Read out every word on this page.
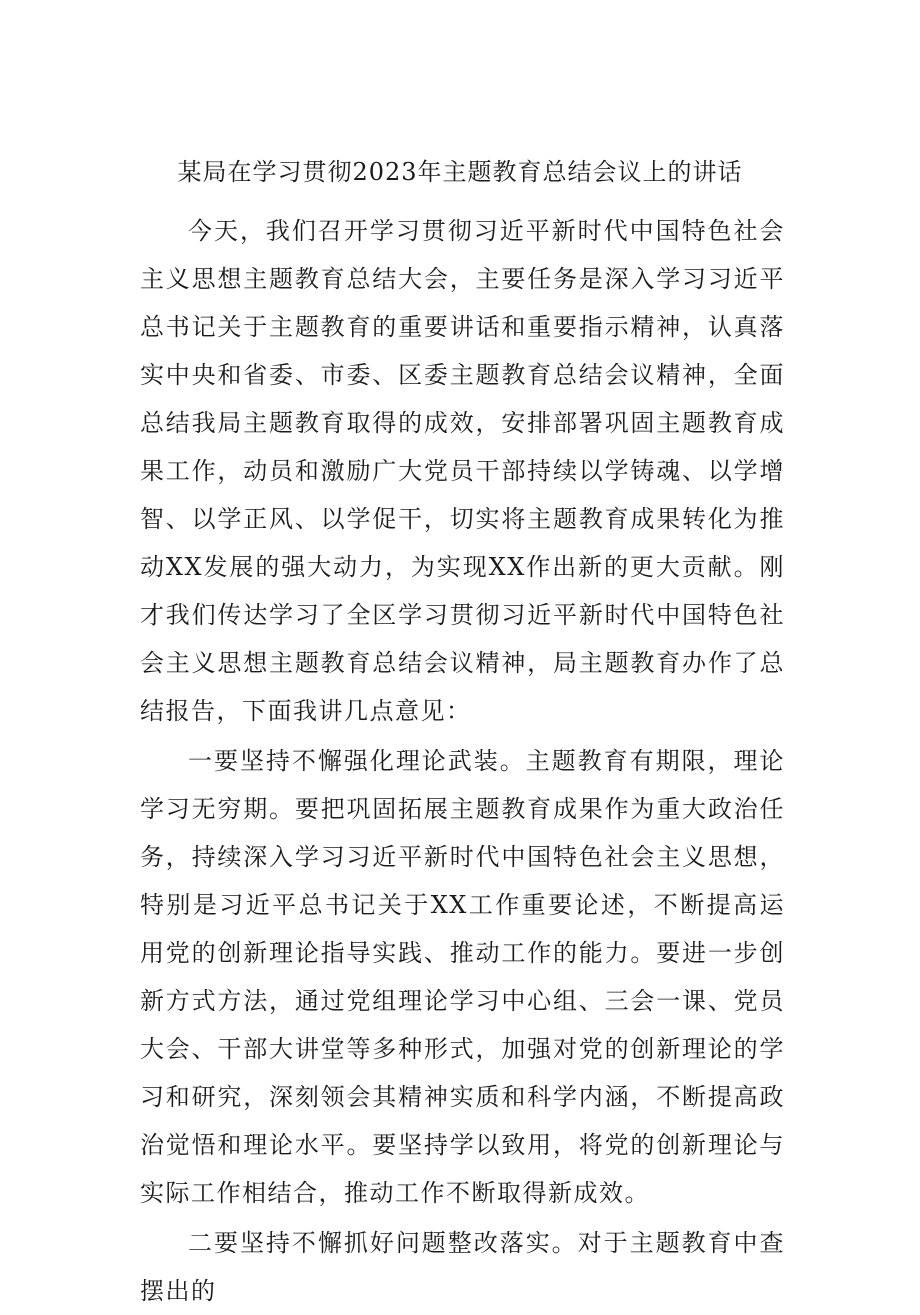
某局在学习贯彻2023年主题教育总结会议上的讲话

今天，我们召开学习贯彻习近平新时代中国特色社会主义思想主题教育总结大会，主要任务是深入学习习近平总书记关于主题教育的重要讲话和重要指示精神，认真落实中央和省委、市委、区委主题教育总结会议精神，全面总结我局主题教育取得的成效，安排部署巩固主题教育成果工作，动员和激励广大党员干部持续以学铸魂、以学增智、以学正风、以学促干，切实将主题教育成果转化为推动XX发展的强大动力，为实现XX作出新的更大贡献。刚才我们传达学习了全区学习贯彻习近平新时代中国特色社会主义思想主题教育总结会议精神，局主题教育办作了总结报告，下面我讲几点意见：

一要坚持不懈强化理论武装。主题教育有期限，理论学习无穷期。要把巩固拓展主题教育成果作为重大政治任务，持续深入学习习近平新时代中国特色社会主义思想，特别是习近平总书记关于XX工作重要论述，不断提高运用党的创新理论指导实践、推动工作的能力。要进一步创新方式方法，通过党组理论学习中心组、三会一课、党员大会、干部大讲堂等多种形式，加强对党的创新理论的学习和研究，深刻领会其精神实质和科学内涵，不断提高政治觉悟和理论水平。要坚持学以致用，将党的创新理论与实际工作相结合，推动工作不断取得新成效。

二要坚持不懈抓好问题整改落实。对于主题教育中查摆出的
